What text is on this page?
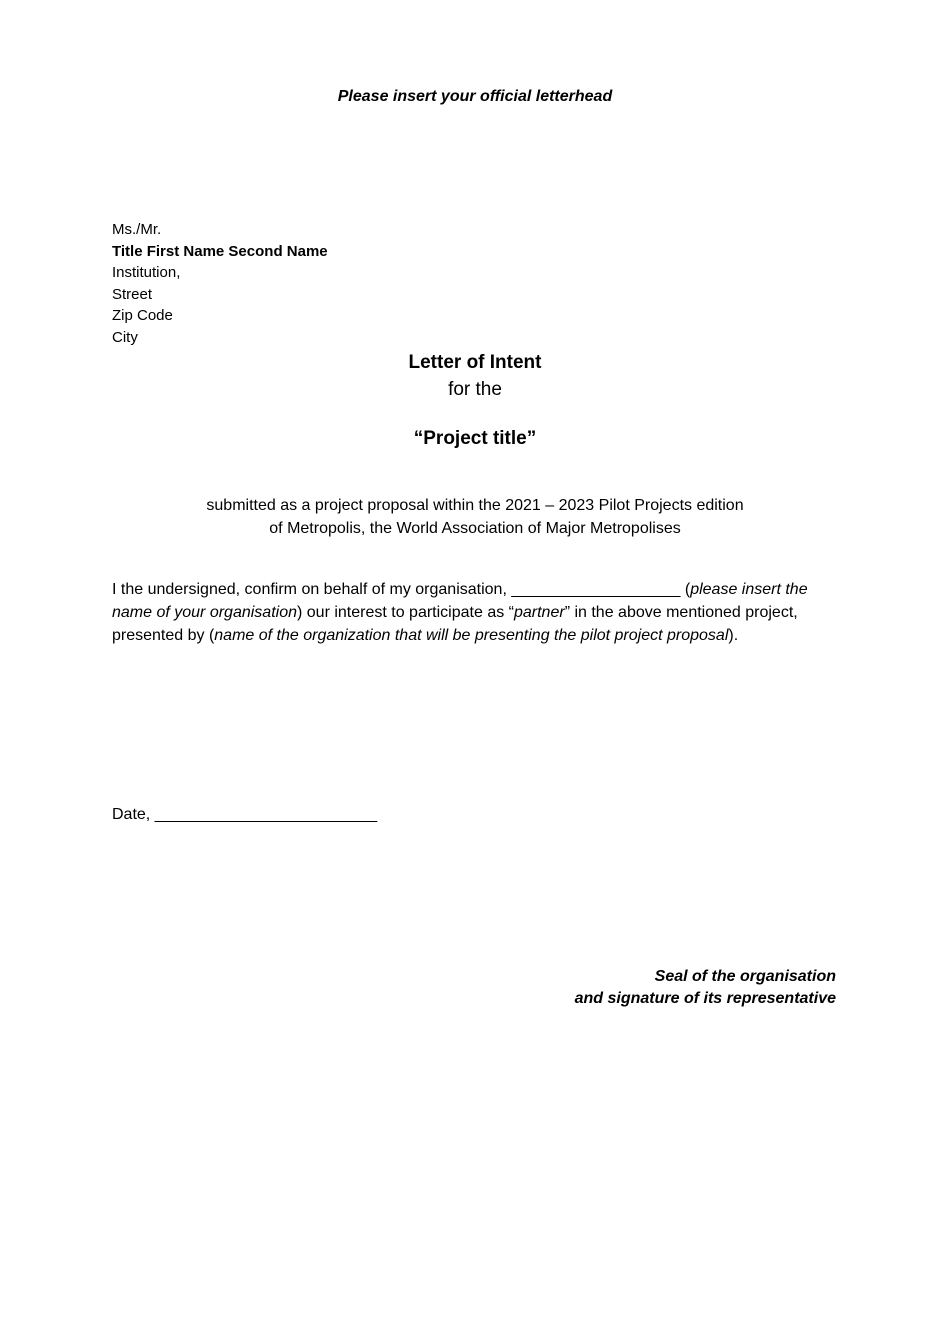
Please insert your official letterhead
Ms./Mr.
Title First Name Second Name
Institution,
Street
Zip Code
City
Letter of Intent
for the
“Project title”
submitted as a project proposal within the 2021 – 2023 Pilot Projects edition
of Metropolis, the World Association of Major Metropolises
I the undersigned, confirm on behalf of my organisation, ___________________ (please insert the name of your organisation) our interest to participate as “partner” in the above mentioned project, presented by (name of the organization that will be presenting the pilot project proposal).
Date, _________________________
Seal of the organisation
and signature of its representative
